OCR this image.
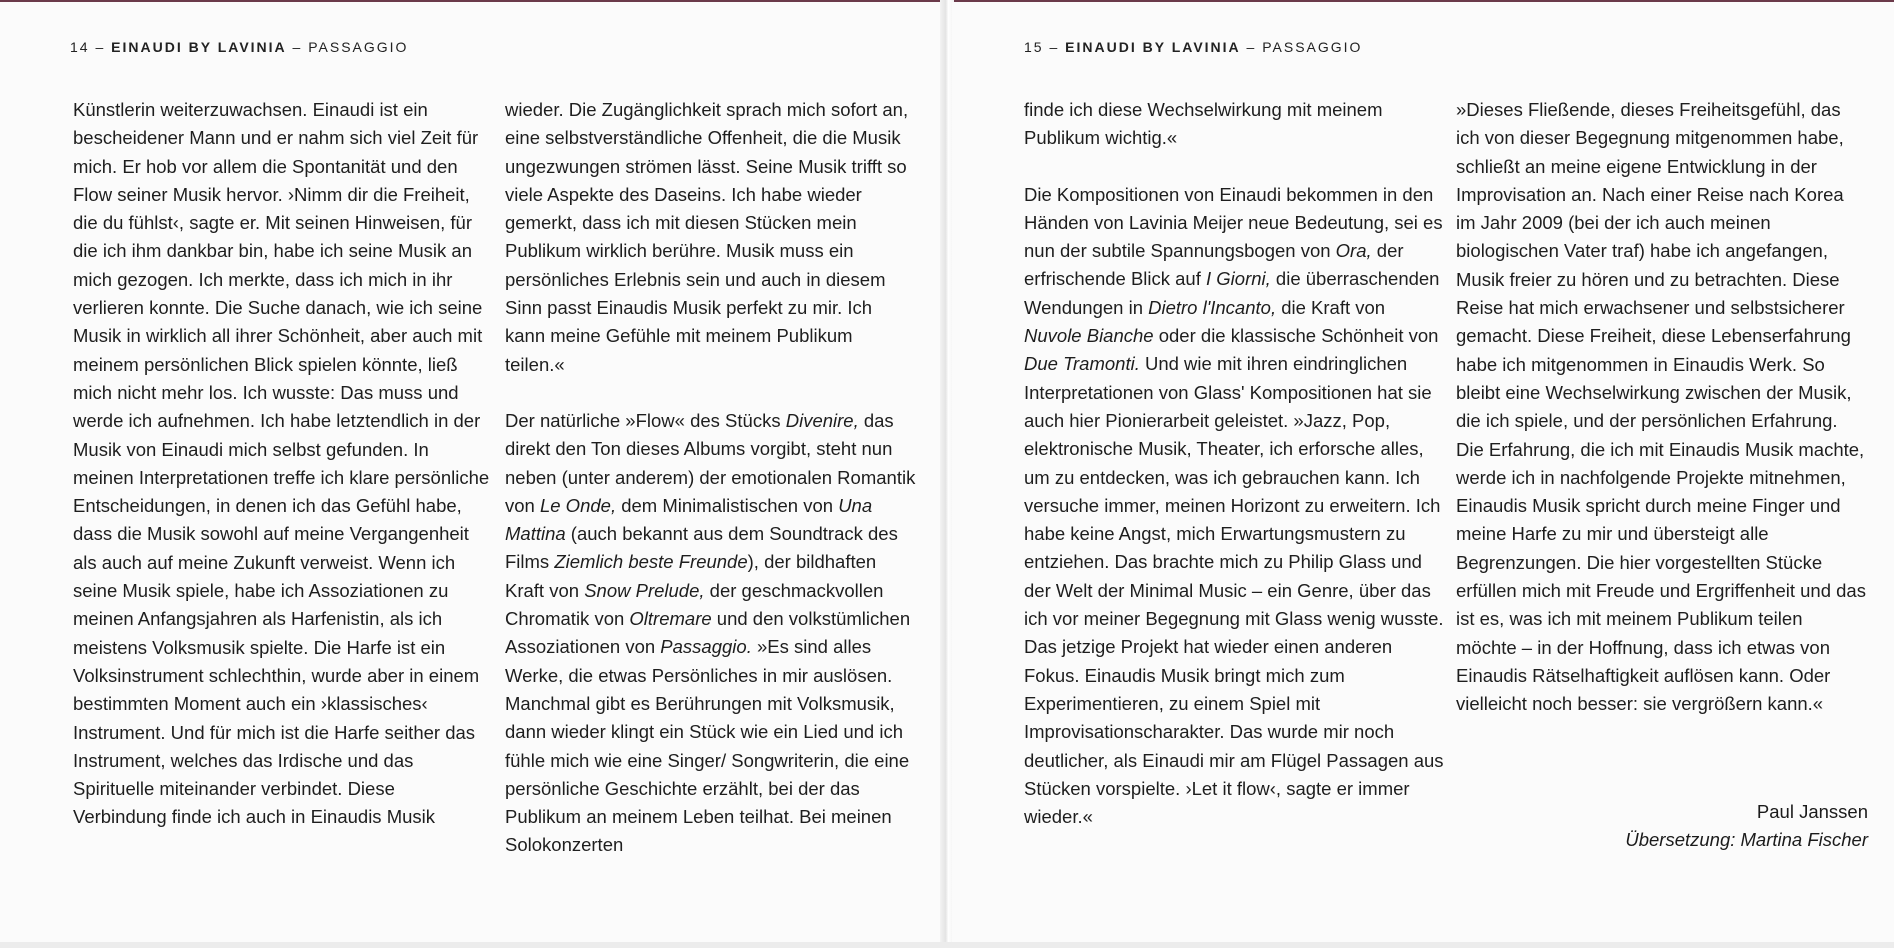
14 – EINAUDI BY LAVINIA – PASSAGGIO

Künstlerin weiterzuwachsen. Einaudi ist ein bescheidener Mann und er nahm sich viel Zeit für mich. Er hob vor allem die Spontanität und den Flow seiner Musik hervor. ›Nimm dir die Freiheit, die du fühlst‹, sagte er. Mit seinen Hinweisen, für die ich ihm dankbar bin, habe ich seine Musik an mich gezogen. Ich merkte, dass ich mich in ihr verlieren konnte. Die Suche danach, wie ich seine Musik in wirklich all ihrer Schönheit, aber auch mit meinem persönlichen Blick spielen könnte, ließ mich nicht mehr los. Ich wusste: Das muss und werde ich aufnehmen. Ich habe letztendlich in der Musik von Einaudi mich selbst gefunden. In meinen Interpretationen treffe ich klare persönliche Entscheidungen, in denen ich das Gefühl habe, dass die Musik sowohl auf meine Vergangenheit als auch auf meine Zukunft verweist. Wenn ich seine Musik spiele, habe ich Assoziationen zu meinen Anfangsjahren als Harfenistin, als ich meistens Volksmusik spielte. Die Harfe ist ein Volksinstrument schlechthin, wurde aber in einem bestimmten Moment auch ein ›klassisches‹ Instrument. Und für mich ist die Harfe seither das Instrument, welches das Irdische und das Spirituelle miteinander verbindet. Diese Verbindung finde ich auch in Einaudis Musik

wieder. Die Zugänglichkeit sprach mich sofort an, eine selbstverständliche Offenheit, die die Musik ungezwungen strömen lässt. Seine Musik trifft so viele Aspekte des Daseins. Ich habe wieder gemerkt, dass ich mit diesen Stücken mein Publikum wirklich berühre. Musik muss ein persönliches Erlebnis sein und auch in diesem Sinn passt Einaudis Musik perfekt zu mir. Ich kann meine Gefühle mit meinem Publikum teilen.«

Der natürliche »Flow« des Stücks Divenire, das direkt den Ton dieses Albums vorgibt, steht nun neben (unter anderem) der emotionalen Romantik von Le Onde, dem Minimalistischen von Una Mattina (auch bekannt aus dem Soundtrack des Films Ziemlich beste Freunde), der bildhaften Kraft von Snow Prelude, der geschmackvollen Chromatik von Oltremare und den volkstümlichen Assoziationen von Passaggio. »Es sind alles Werke, die etwas Persönliches in mir auslösen. Manchmal gibt es Berührungen mit Volksmusik, dann wieder klingt ein Stück wie ein Lied und ich fühle mich wie eine Singer/ Songwriterin, die eine persönliche Geschichte erzählt, bei der das Publikum an meinem Leben teilhat. Bei meinen Solokonzerten

15 – EINAUDI BY LAVINIA – PASSAGGIO

finde ich diese Wechselwirkung mit meinem Publikum wichtig.«

Die Kompositionen von Einaudi bekommen in den Händen von Lavinia Meijer neue Bedeutung, sei es nun der subtile Spannungsbogen von Ora, der erfrischende Blick auf I Giorni, die überraschenden Wendungen in Dietro l'Incanto, die Kraft von Nuvole Bianche oder die klassische Schönheit von Due Tramonti. Und wie mit ihren eindringlichen Interpretationen von Glass' Kompositionen hat sie auch hier Pionierarbeit geleistet. »Jazz, Pop, elektronische Musik, Theater, ich erforsche alles, um zu entdecken, was ich gebrauchen kann. Ich versuche immer, meinen Horizont zu erweitern. Ich habe keine Angst, mich Erwartungsmustern zu entziehen. Das brachte mich zu Philip Glass und der Welt der Minimal Music – ein Genre, über das ich vor meiner Begegnung mit Glass wenig wusste. Das jetzige Projekt hat wieder einen anderen Fokus. Einaudis Musik bringt mich zum Experimentieren, zu einem Spiel mit Improvisationscharakter. Das wurde mir noch deutlicher, als Einaudi mir am Flügel Passagen aus Stücken vorspielte. ›Let it flow‹, sagte er immer wieder.«

»Dieses Fließende, dieses Freiheitsgefühl, das ich von dieser Begegnung mitgenommen habe, schließt an meine eigene Entwicklung in der Improvisation an. Nach einer Reise nach Korea im Jahr 2009 (bei der ich auch meinen biologischen Vater traf) habe ich angefangen, Musik freier zu hören und zu betrachten. Diese Reise hat mich erwachsener und selbstsicherer gemacht. Diese Freiheit, diese Lebenserfahrung habe ich mitgenommen in Einaudis Werk. So bleibt eine Wechselwirkung zwischen der Musik, die ich spiele, und der persönlichen Erfahrung. Die Erfahrung, die ich mit Einaudis Musik machte, werde ich in nachfolgende Projekte mitnehmen, Einaudis Musik spricht durch meine Finger und meine Harfe zu mir und übersteigt alle Begrenzungen. Die hier vorgestellten Stücke erfüllen mich mit Freude und Ergriffenheit und das ist es, was ich mit meinem Publikum teilen möchte – in der Hoffnung, dass ich etwas von Einaudis Rätselhaftigkeit auflösen kann. Oder vielleicht noch besser: sie vergrößern kann.«

Paul Janssen
Übersetzung: Martina Fischer
